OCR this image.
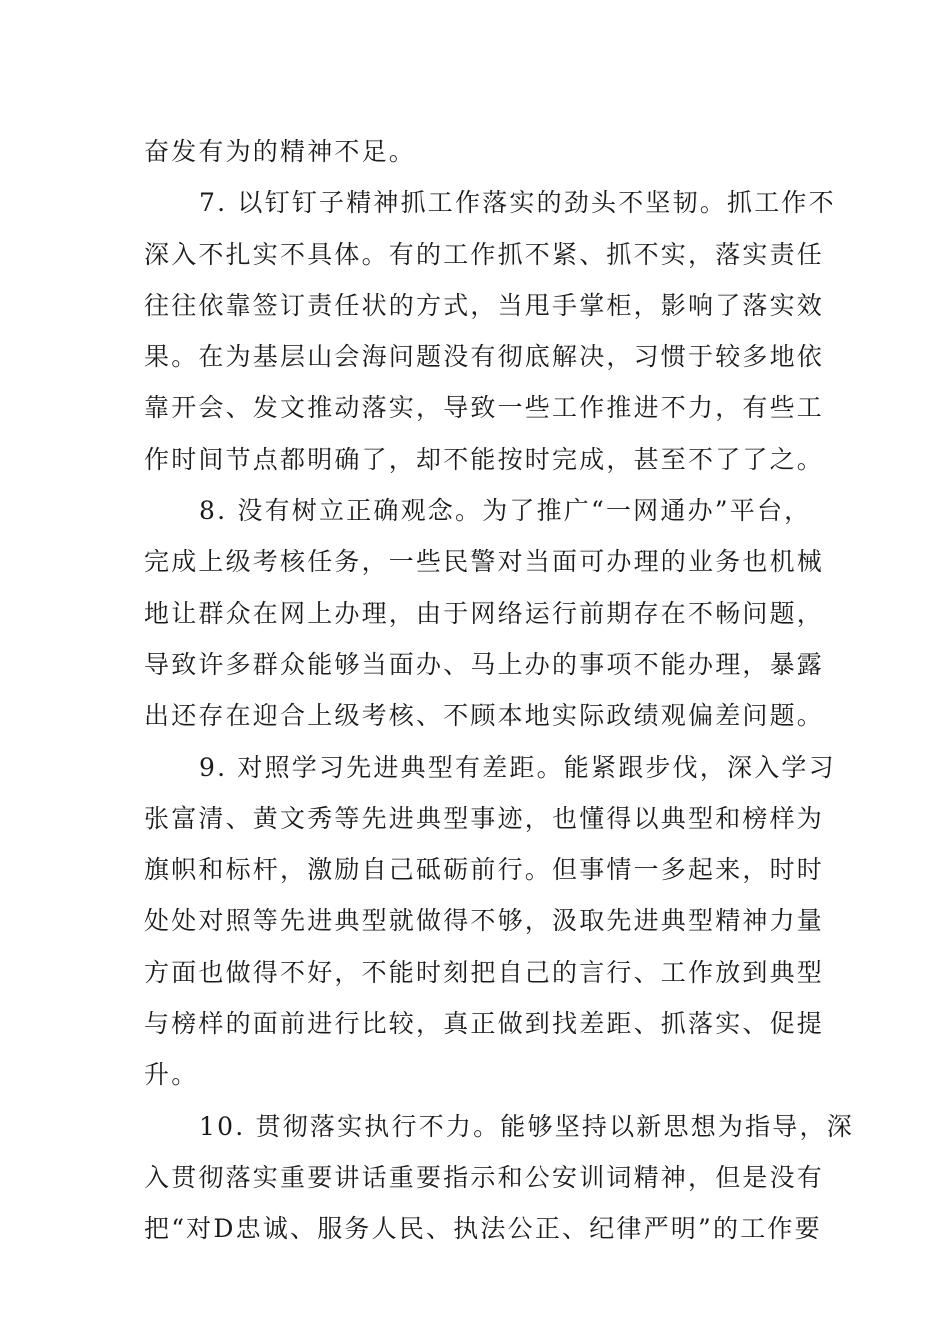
奋发有为的精神不足。
7. 以钉钉子精神抓工作落实的劲头不坚韧。抓工作不
深入不扎实不具体。有的工作抓不紧、抓不实，落实责任
往往依靠签订责任状的方式，当甩手掌柜，影响了落实效
果。在为基层山会海问题没有彻底解决，习惯于较多地依
靠开会、发文推动落实，导致一些工作推进不力，有些工
作时间节点都明确了，却不能按时完成，甚至不了了之。
8. 没有树立正确观念。为了推广“一网通办”平台，
完成上级考核任务，一些民警对当面可办理的业务也机械
地让群众在网上办理，由于网络运行前期存在不畅问题，
导致许多群众能够当面办、马上办的事项不能办理，暴露
出还存在迎合上级考核、不顾本地实际政绩观偏差问题。
9. 对照学习先进典型有差距。能紧跟步伐，深入学习
张富清、黄文秀等先进典型事迹，也懂得以典型和榜样为
旗帜和标杆，激励自己砥砺前行。但事情一多起来，时时
处处对照等先进典型就做得不够，汲取先进典型精神力量
方面也做得不好，不能时刻把自己的言行、工作放到典型
与榜样的面前进行比较，真正做到找差距、抓落实、促提
升。
10. 贯彻落实执行不力。能够坚持以新思想为指导，深
入贯彻落实重要讲话重要指示和公安训词精神，但是没有
把“对D忠诚、服务人民、执法公正、纪律严明”的工作要
